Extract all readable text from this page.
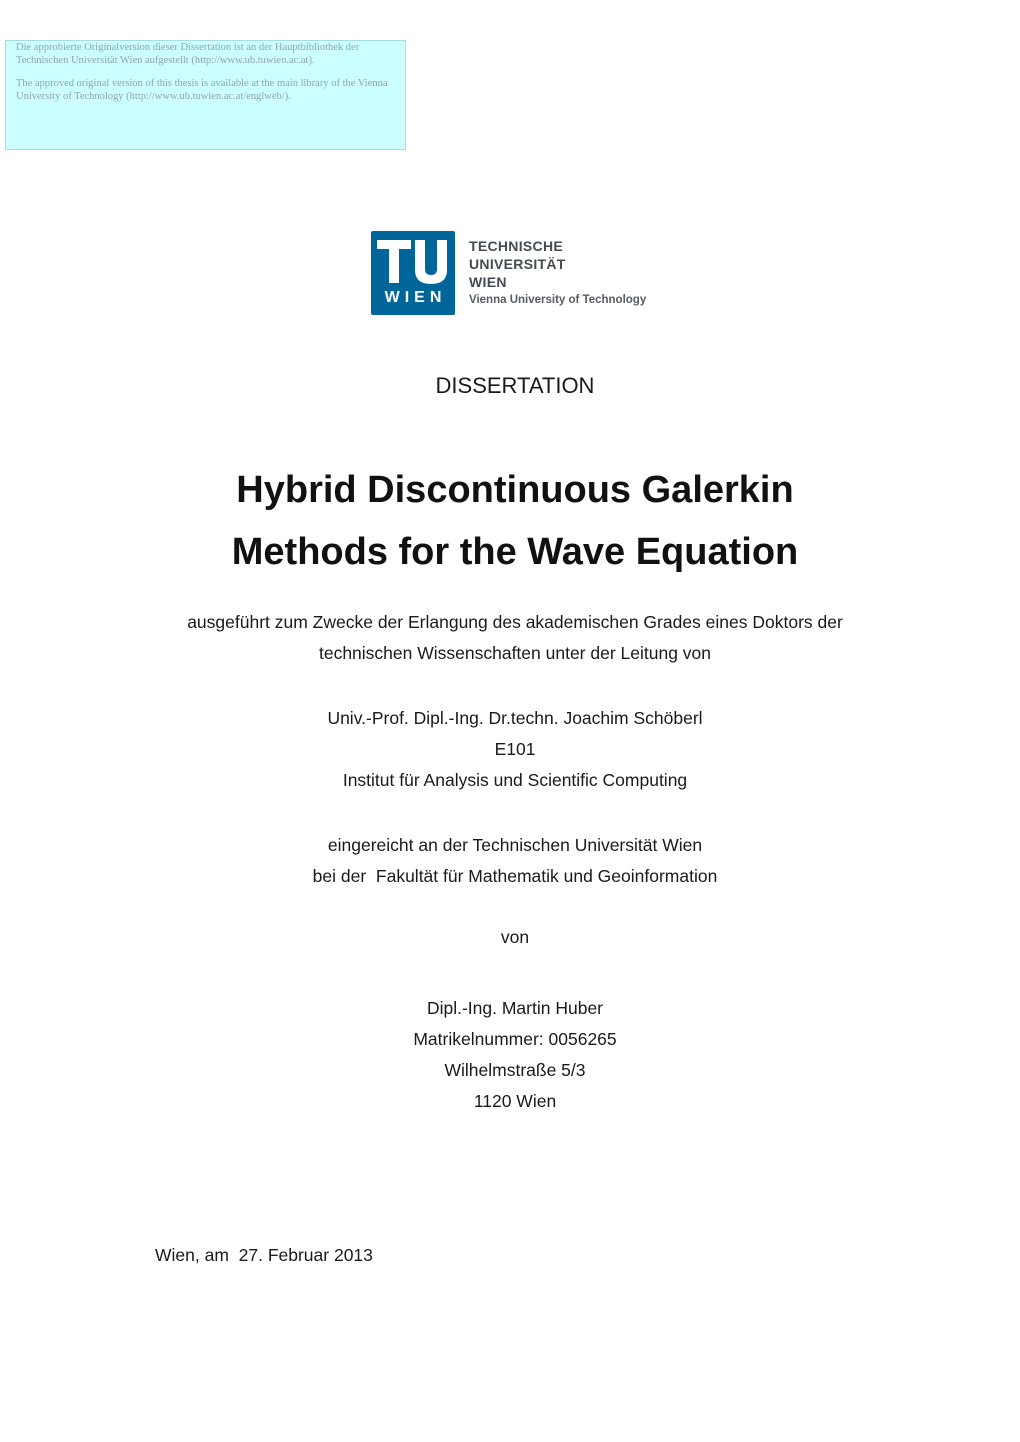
Die approbierte Originalversion dieser Dissertation ist an der Hauptbibliothek der Technischen Universität Wien aufgestellt (http://www.ub.tuwien.ac.at).

The approved original version of this thesis is available at the main library of the Vienna University of Technology (http://www.ub.tuwien.ac.at/englweb/).

WIEN
TECHNISCHE
UNIVERSITÄT
WIEN
Vienna University of Technology
DISSERTATION
Hybrid Discontinuous Galerkin
Methods for the Wave Equation
ausgeführt zum Zwecke der Erlangung des akademischen Grades eines Doktors der
technischen Wissenschaften unter der Leitung von
Univ.-Prof. Dipl.-Ing. Dr.techn. Joachim Schöberl
E101
Institut für Analysis und Scientific Computing
eingereicht an der Technischen Universität Wien
bei der  Fakultät für Mathematik und Geoinformation
von
Dipl.-Ing. Martin Huber
Matrikelnummer: 0056265
Wilhelmstraße 5/3
1120 Wien
Wien, am  27. Februar 2013
